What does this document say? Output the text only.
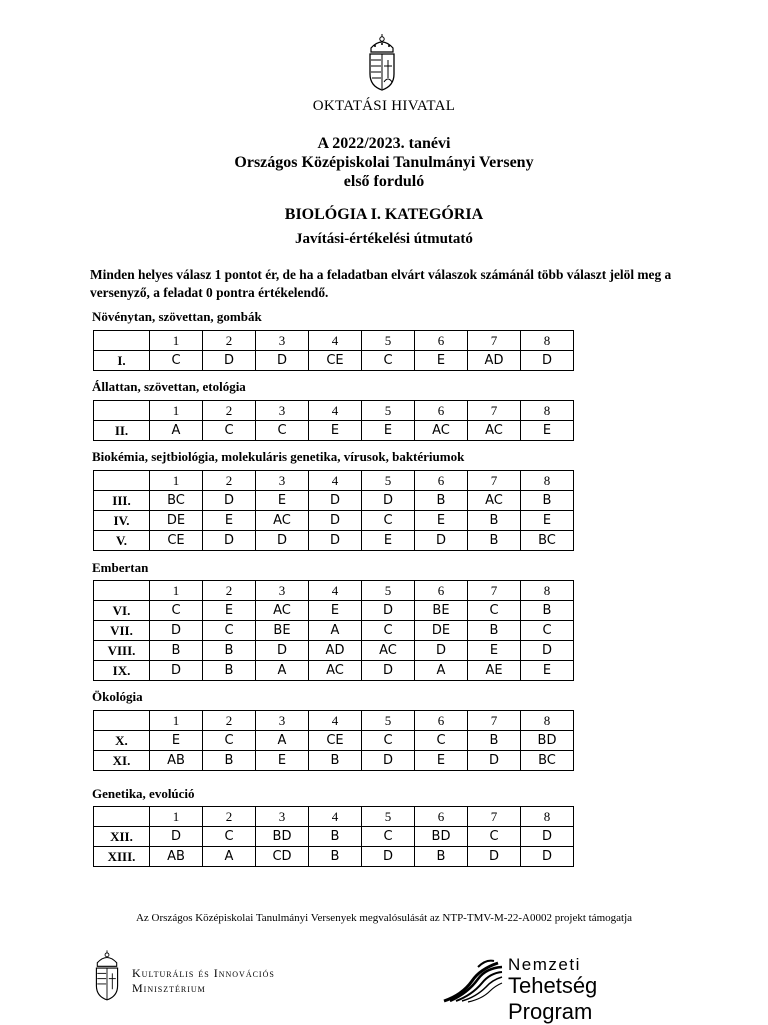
OKTATÁSI HIVATAL
A 2022/2023. tanévi
Országos Középiskolai Tanulmányi Verseny
első forduló
BIOLÓGIA I. KATEGÓRIA
Javítási-értékelési útmutató
Minden helyes válasz 1 pontot ér, de ha a feladatban elvárt válaszok számánál több választ jelöl meg a versenyző, a feladat 0 pontra értékelendő.
Növénytan, szövettan, gombák
	1	2	3	4	5	6	7	8
I.	C	D	D	CE	C	E	AD	D
Állattan, szövettan, etológia
	1	2	3	4	5	6	7	8
II.	A	C	C	E	E	AC	AC	E
Biokémia, sejtbiológia, molekuláris genetika, vírusok, baktériumok
	1	2	3	4	5	6	7	8
III.	BC	D	E	D	D	B	AC	B
IV.	DE	E	AC	D	C	E	B	E
V.	CE	D	D	D	E	D	B	BC
Embertan
	1	2	3	4	5	6	7	8
VI.	C	E	AC	E	D	BE	C	B
VII.	D	C	BE	A	C	DE	B	C
VIII.	B	B	D	AD	AC	D	E	D
IX.	D	B	A	AC	D	A	AE	E
Ökológia
	1	2	3	4	5	6	7	8
X.	E	C	A	CE	C	C	B	BD
XI.	AB	B	E	B	D	E	D	BC
Genetika, evolúció
	1	2	3	4	5	6	7	8
XII.	D	C	BD	B	C	BD	C	D
XIII.	AB	A	CD	B	D	B	D	D
Az Országos Középiskolai Tanulmányi Versenyek megvalósulását az NTP-TMV-M-22-A0002 projekt támogatja
Kulturális és Innovációs
Minisztérium
Nemzeti
Tehetség Program
